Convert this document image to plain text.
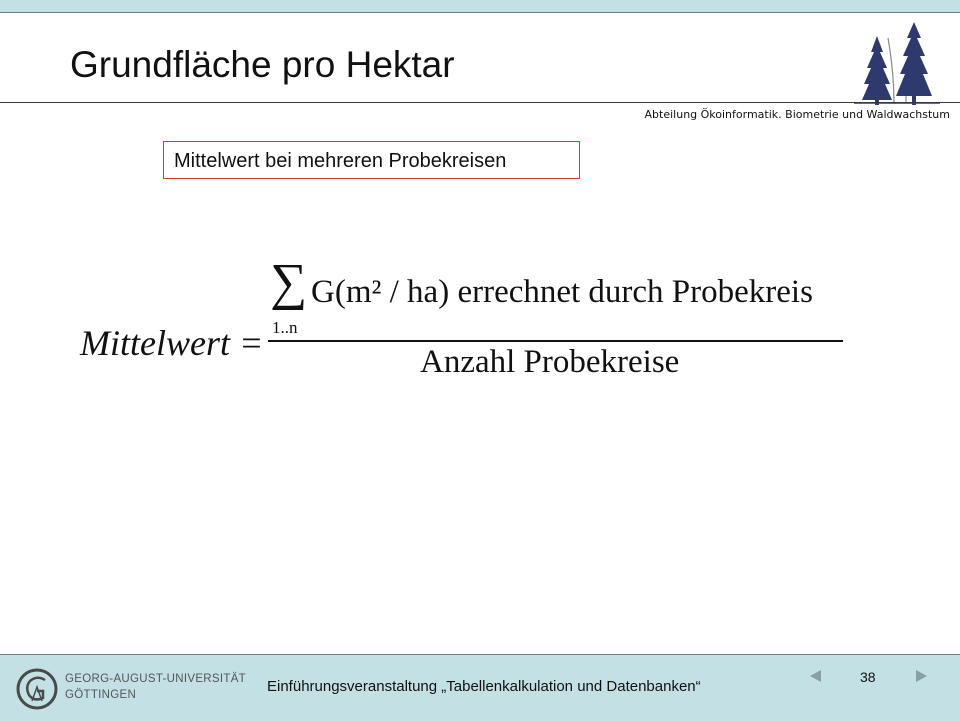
Grundfläche pro Hektar
Abteilung Ökoinformatik. Biometrie und Waldwachstum
Mittelwert bei mehreren Probekreisen
Mittelwert =
∑
1..n
G(m² / ha) errechnet durch Probekreis
Anzahl Probekreise
GEORG-AUGUST-UNIVERSITÄT
GÖTTINGEN	Einführungsveranstaltung „Tabellenkalkulation und Datenbanken“
38
